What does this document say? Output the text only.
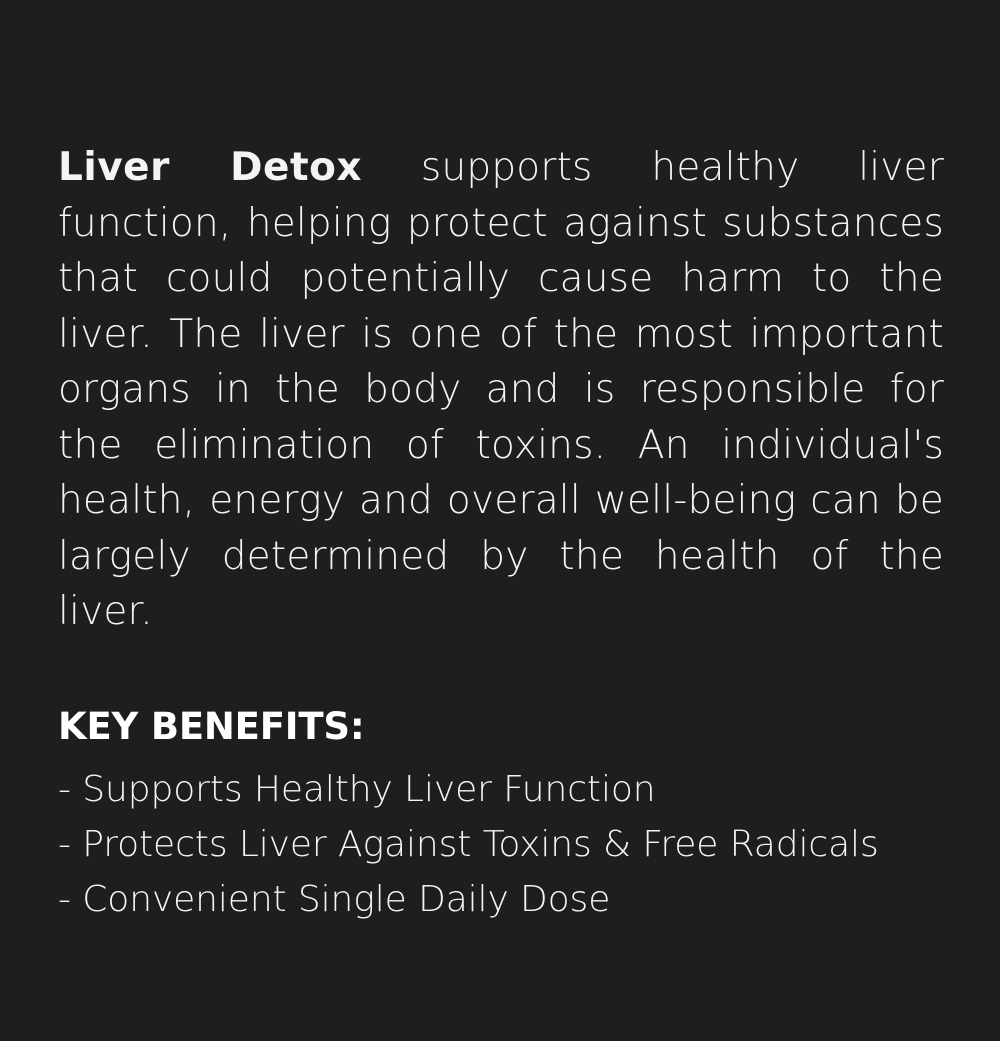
Liver Detox supports healthy liver function, helping protect against substances that could potentially cause harm to the liver. The liver is one of the most important organs in the body and is responsible for the elimination of toxins. An individual's health, energy and overall well-being can be largely determined by the health of the liver.

KEY BENEFITS:
- Supports Healthy Liver Function
- Protects Liver Against Toxins & Free Radicals
- Convenient Single Daily Dose
